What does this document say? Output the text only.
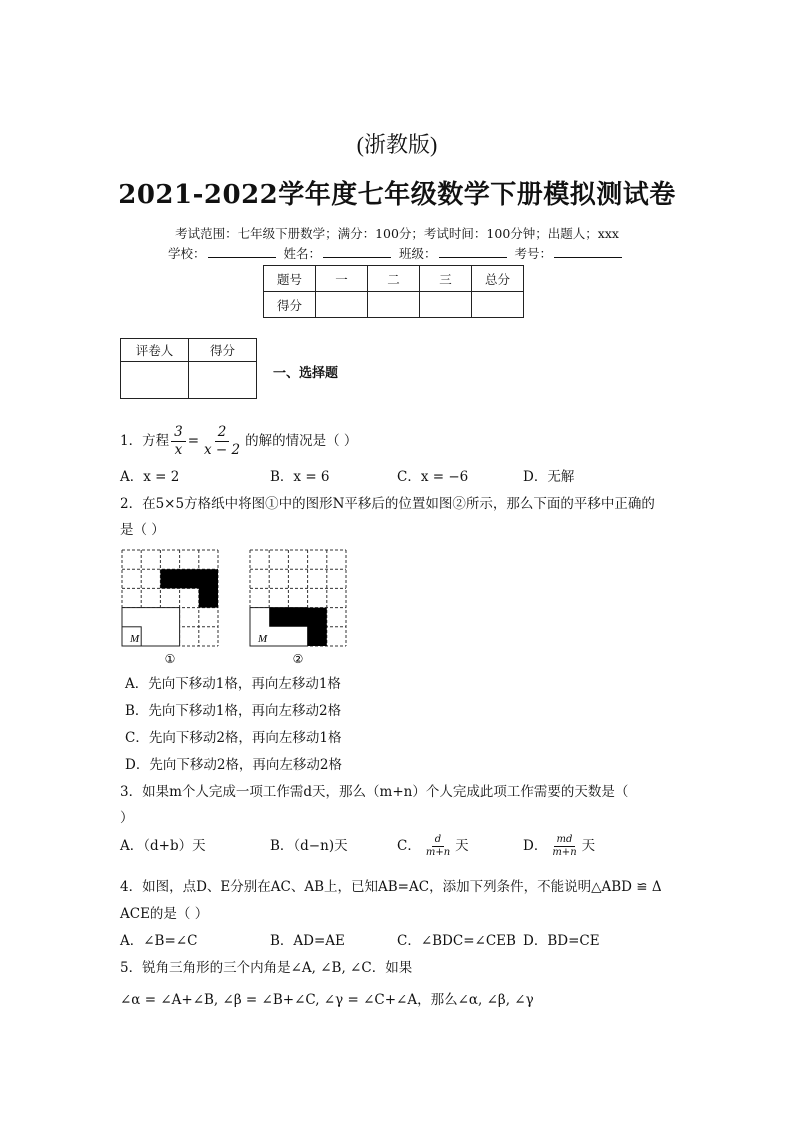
(浙教版)
2021-2022学年度七年级数学下册模拟测试卷
考试范围：七年级下册数学；满分：100分；考试时间：100分钟；出题人；xxx
学校：	姓名：	班级：	考号：
题号	一	二	三	总分
得分				
评卷人	得分

一、选择题
1．方程 $\frac{3}{x} = \frac{2}{x - 2}$ 的解的情况是（ ）
A．x = 2	B．x = 6	C．x = −6	D．无解
2．在5×5方格纸中将图①中的图形N平移后的位置如图②所示，那么下面的平移中正确的
是（ ）
M
①
M
②
A．先向下移动1格，再向左移动1格
B．先向下移动1格，再向左移动2格
C．先向下移动2格，再向左移动1格
D．先向下移动2格，再向左移动2格
3．如果m个人完成一项工作需d天，那么（m+n）个人完成此项工作需要的天数是（
）
A．（d+b）天	B．（d−n)天	C． $\frac{d}{m+n}$ 天	D． $\frac{md}{m+n}$ 天
4．如图，点D、E分别在AC、AB上，已知AB=AC，添加下列条件，不能说明△ABD ≌ Δ
ACE的是（ ）
A．∠B=∠C	B．AD=AE	C．∠BDC=∠CEB D．BD=CE
5．锐角三角形的三个内角是∠A, ∠B, ∠C．如果
∠α = ∠A+∠B, ∠β = ∠B+∠C, ∠γ = ∠C+∠A，那么∠α, ∠β, ∠γ
